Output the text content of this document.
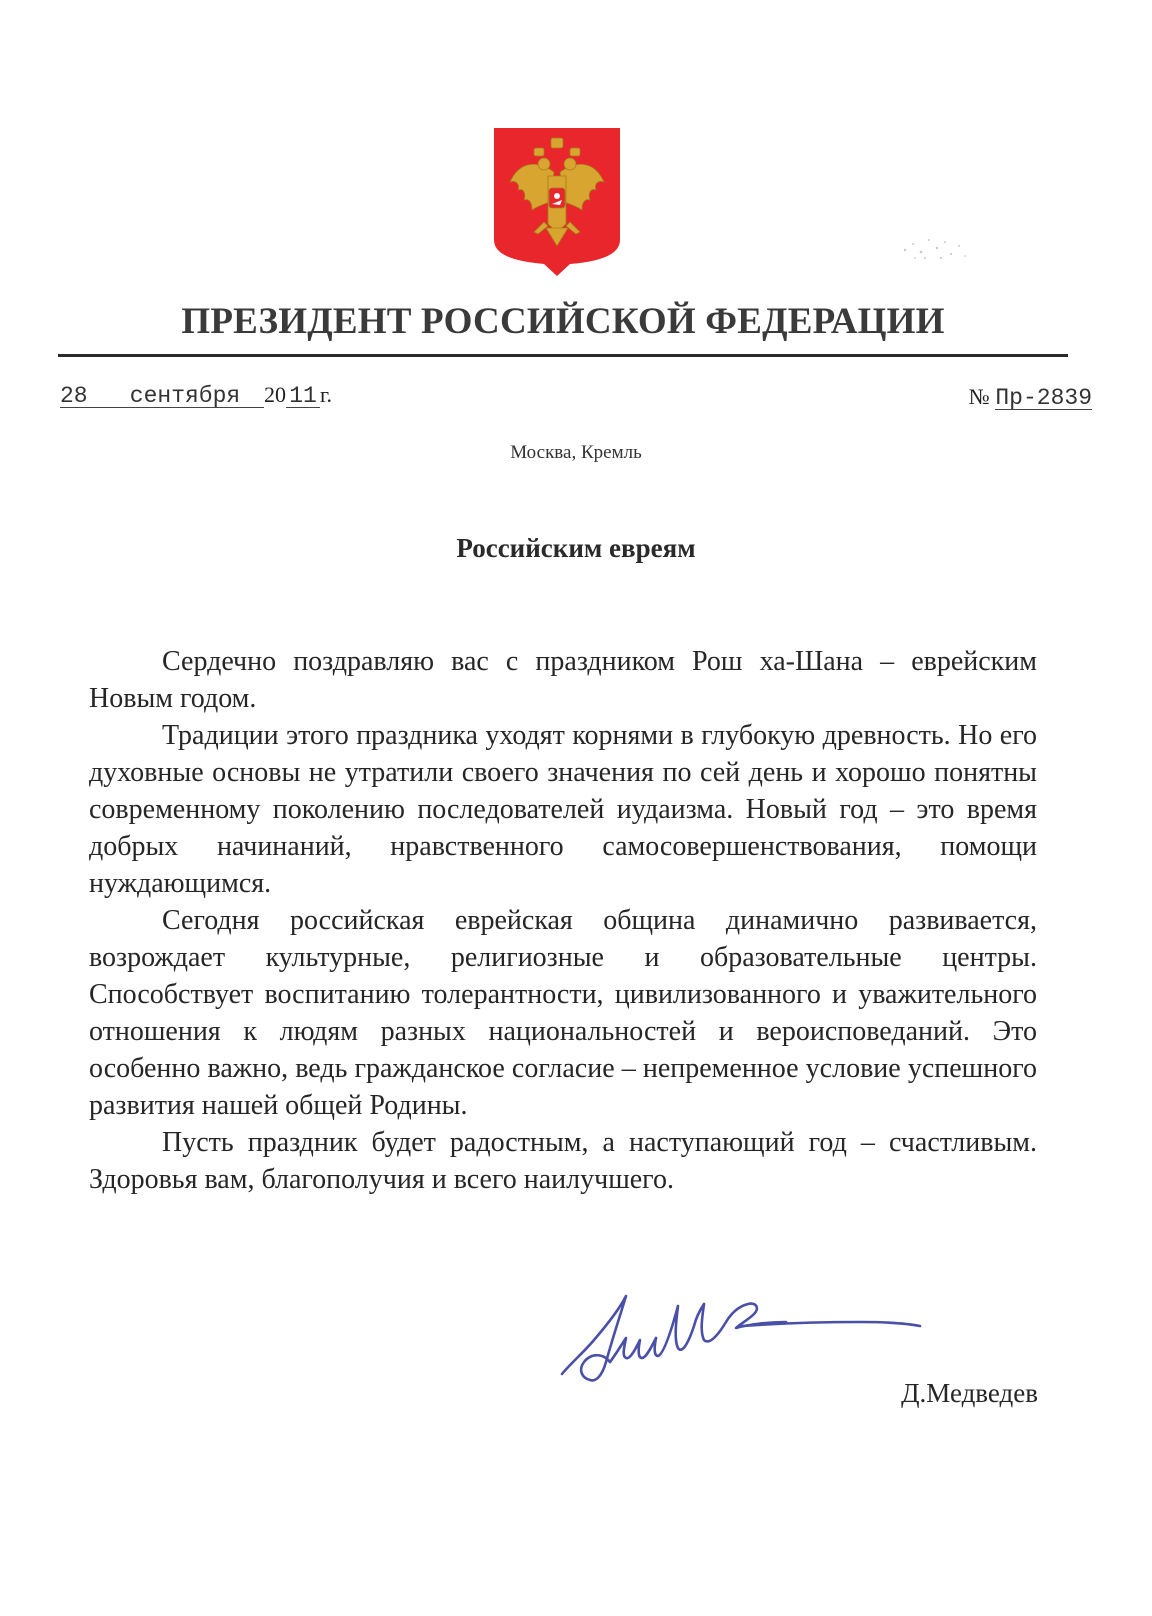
ПРЕЗИДЕНТ РОССИЙСКОЙ ФЕДЕРАЦИИ
28 сентября 20 11 г.	№ Пр-2839
Москва, Кремль
Российским евреям

Сердечно поздравляю вас с праздником Рош ха-Шана – еврейским Новым годом.

Традиции этого праздника уходят корнями в глубокую древность. Но его духовные основы не утратили своего значения по сей день и хорошо понятны современному поколению последователей иудаизма. Новый год – это время добрых начинаний, нравственного самосовершенствования, помощи нуждающимся.

Сегодня российская еврейская община динамично развивается, возрождает культурные, религиозные и образовательные центры. Способствует воспитанию толерантности, цивилизованного и уважительного отношения к людям разных национальностей и вероисповеданий. Это особенно важно, ведь гражданское согласие – непременное условие успешного развития нашей общей Родины.

Пусть праздник будет радостным, а наступающий год – счастливым. Здоровья вам, благополучия и всего наилучшего.

Д.Медведев
